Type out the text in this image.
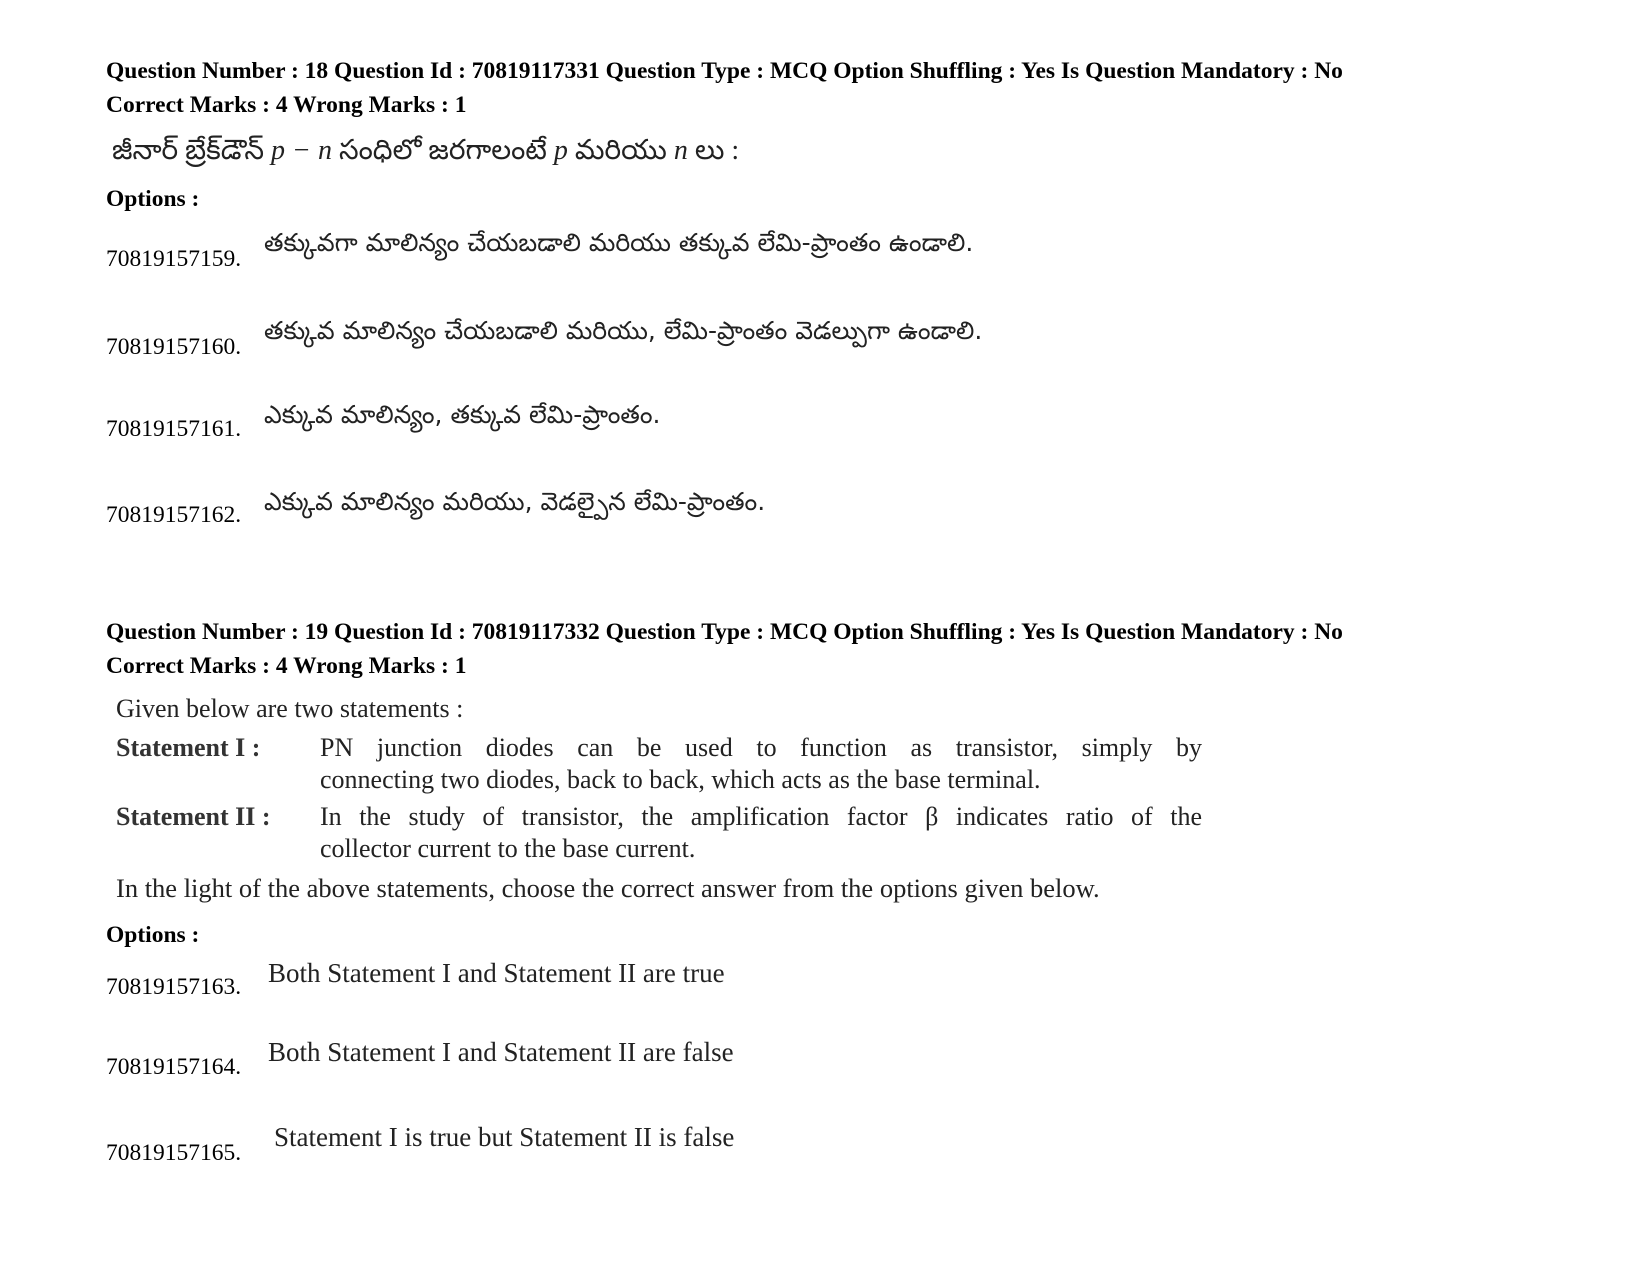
Question Number : 18 Question Id : 70819117331 Question Type : MCQ Option Shuffling : Yes Is Question Mandatory : No
Correct Marks : 4 Wrong Marks : 1
జీనార్ బ్రేక్‌డౌన్ p − n సంధిలో జరగాలంటే p మరియు n లు :
Options :
70819157159.
తక్కువగా మాలిన్యం చేయబడాలి మరియు తక్కువ లేమి-ప్రాంతం ఉండాలి.
70819157160.
తక్కువ మాలిన్యం చేయబడాలి మరియు, లేమి-ప్రాంతం వెడల్పుగా ఉండాలి.
70819157161. ఎక్కువ మాలిన్యం, తక్కువ లేమి-ప్రాంతం.
70819157162. ఎక్కువ మాలిన్యం మరియు, వెడల్పైన లేమి-ప్రాంతం.
Question Number : 19 Question Id : 70819117332 Question Type : MCQ Option Shuffling : Yes Is Question Mandatory : No
Correct Marks : 4 Wrong Marks : 1
Given below are two statements :
Statement I : PN junction diodes can be used to function as transistor, simply by
connecting two diodes, back to back, which acts as the base terminal.
Statement II : In the study of transistor, the amplification factor β indicates ratio of the
collector current to the base current.
In the light of the above statements, choose the correct answer from the options given below.
Options :
70819157163. Both Statement I and Statement II are true
70819157164. Both Statement I and Statement II are false
70819157165.
Statement I is true but Statement II is false
